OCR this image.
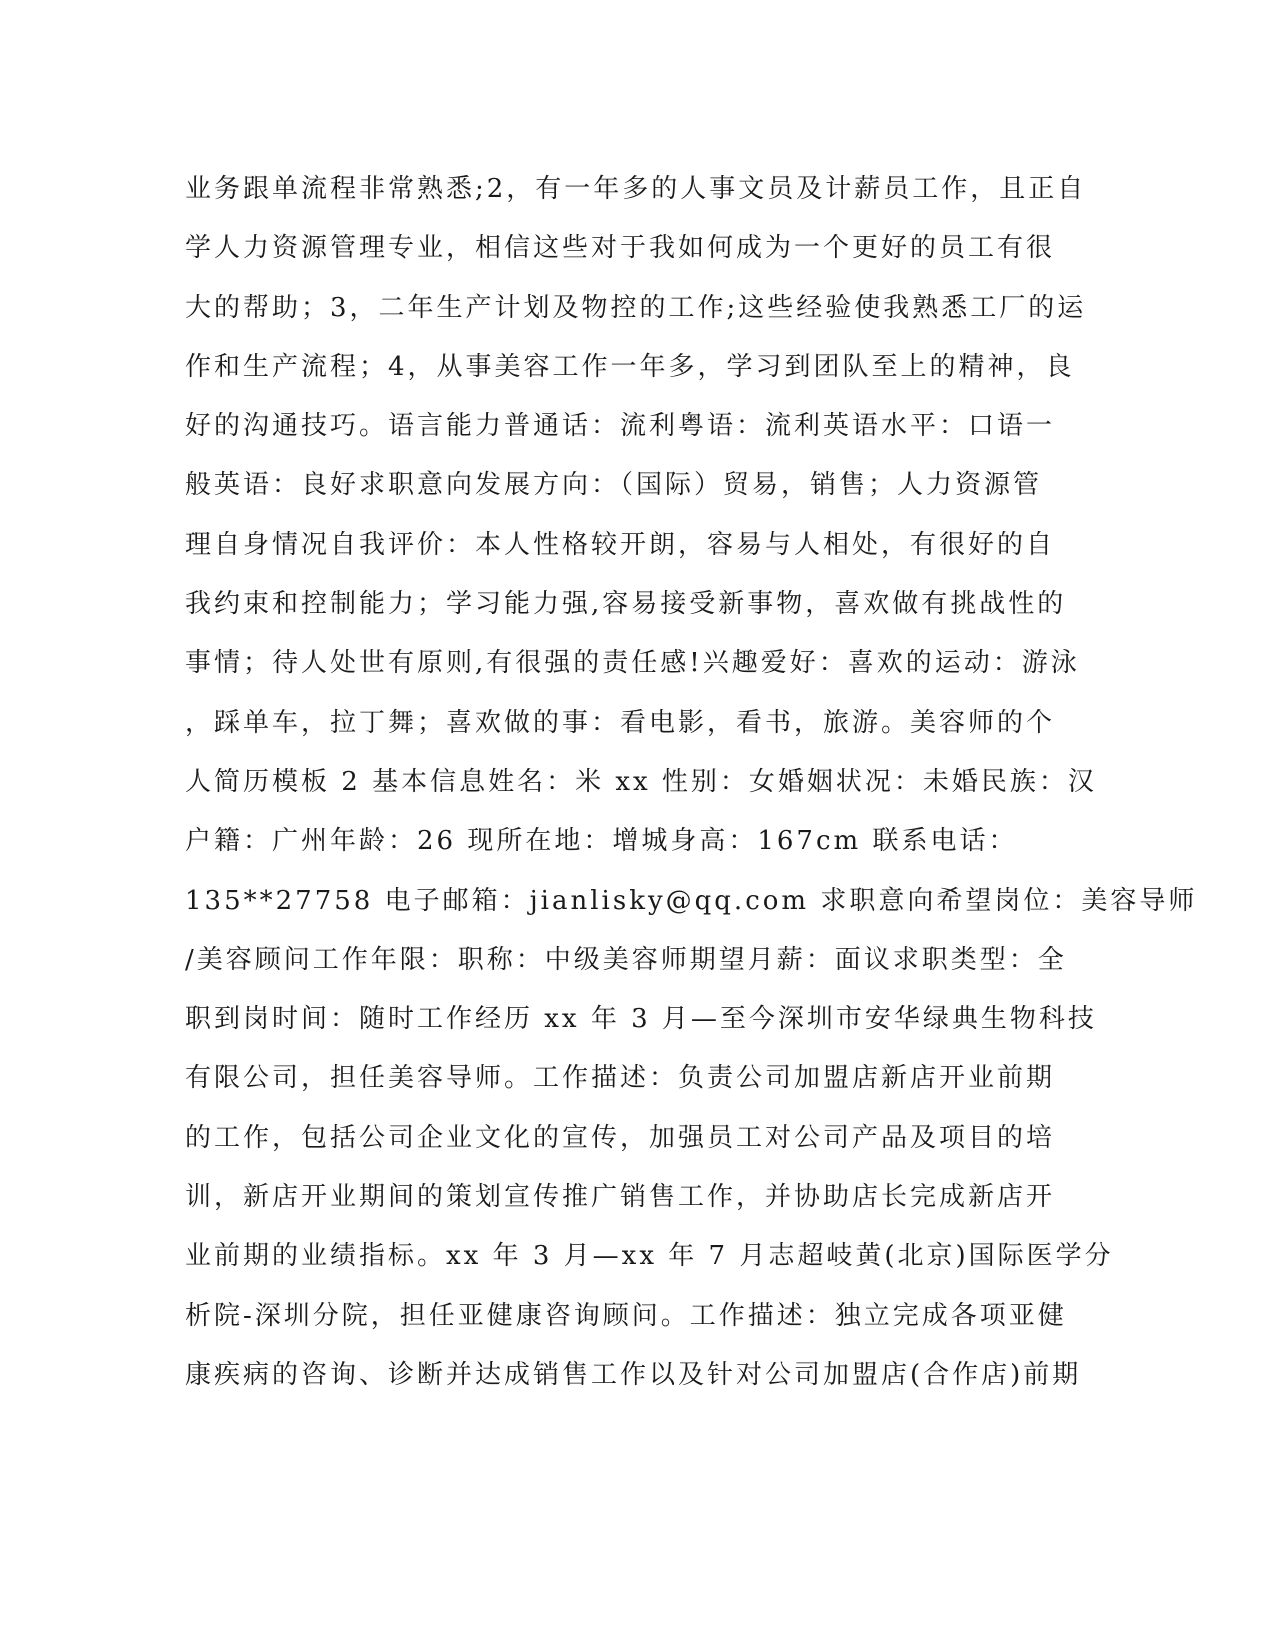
业务跟单流程非常熟悉;2，有一年多的人事文员及计薪员工作，且正自
学人力资源管理专业，相信这些对于我如何成为一个更好的员工有很
大的帮助；3，二年生产计划及物控的工作;这些经验使我熟悉工厂的运
作和生产流程；4，从事美容工作一年多，学习到团队至上的精神，良
好的沟通技巧。语言能力普通话：流利粤语：流利英语水平：口语一
般英语：良好求职意向发展方向：（国际）贸易，销售；人力资源管
理自身情况自我评价：本人性格较开朗，容易与人相处，有很好的自
我约束和控制能力；学习能力强,容易接受新事物，喜欢做有挑战性的
事情；待人处世有原则,有很强的责任感!兴趣爱好：喜欢的运动：游泳
，踩单车，拉丁舞；喜欢做的事：看电影，看书，旅游。美容师的个
人简历模板 2 基本信息姓名：米 xx 性别：女婚姻状况：未婚民族：汉
户籍：广州年龄：26 现所在地：增城身高：167cm 联系电话：
135**27758 电子邮箱：jianlisky@qq.com 求职意向希望岗位：美容导师
/美容顾问工作年限：职称：中级美容师期望月薪：面议求职类型：全
职到岗时间：随时工作经历 xx 年 3 月—至今深圳市安华绿典生物科技
有限公司，担任美容导师。工作描述：负责公司加盟店新店开业前期
的工作，包括公司企业文化的宣传，加强员工对公司产品及项目的培
训，新店开业期间的策划宣传推广销售工作，并协助店长完成新店开
业前期的业绩指标。xx 年 3 月—xx 年 7 月志超岐黄(北京)国际医学分
析院-深圳分院，担任亚健康咨询顾问。工作描述：独立完成各项亚健
康疾病的咨询、诊断并达成销售工作以及针对公司加盟店(合作店)前期
